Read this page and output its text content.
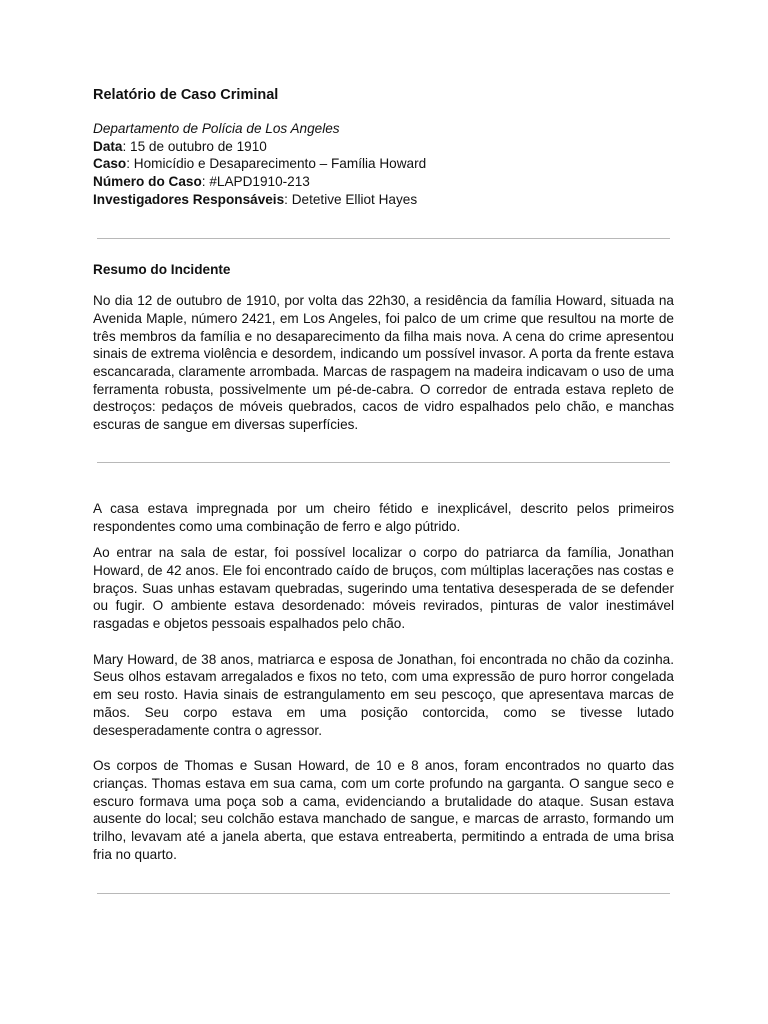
Relatório de Caso Criminal

Departamento de Polícia de Los Angeles

Data: 15 de outubro de 1910

Caso: Homicídio e Desaparecimento – Família Howard

Número do Caso: #LAPD1910-213

Investigadores Responsáveis: Detetive Elliot Hayes

Resumo do Incidente

No dia 12 de outubro de 1910, por volta das 22h30, a residência da família Howard, situada na Avenida Maple, número 2421, em Los Angeles, foi palco de um crime que resultou na morte de três membros da família e no desaparecimento da filha mais nova. A cena do crime apresentou sinais de extrema violência e desordem, indicando um possível invasor. A porta da frente estava escancarada, claramente arrombada. Marcas de raspagem na madeira indicavam o uso de uma ferramenta robusta, possivelmente um pé-de-cabra. O corredor de entrada estava repleto de destroços: pedaços de móveis quebrados, cacos de vidro espalhados pelo chão, e manchas escuras de sangue em diversas superfícies.

A casa estava impregnada por um cheiro fétido e inexplicável, descrito pelos primeiros respondentes como uma combinação de ferro e algo pútrido.

Ao entrar na sala de estar, foi possível localizar o corpo do patriarca da família, Jonathan Howard, de 42 anos. Ele foi encontrado caído de bruços, com múltiplas lacerações nas costas e braços. Suas unhas estavam quebradas, sugerindo uma tentativa desesperada de se defender ou fugir. O ambiente estava desordenado: móveis revirados, pinturas de valor inestimável rasgadas e objetos pessoais espalhados pelo chão.

Mary Howard, de 38 anos, matriarca e esposa de Jonathan, foi encontrada no chão da cozinha. Seus olhos estavam arregalados e fixos no teto, com uma expressão de puro horror congelada em seu rosto. Havia sinais de estrangulamento em seu pescoço, que apresentava marcas de mãos. Seu corpo estava em uma posição contorcida, como se tivesse lutado desesperadamente contra o agressor.

Os corpos de Thomas e Susan Howard, de 10 e 8 anos, foram encontrados no quarto das crianças. Thomas estava em sua cama, com um corte profundo na garganta. O sangue seco e escuro formava uma poça sob a cama, evidenciando a brutalidade do ataque. Susan estava ausente do local; seu colchão estava manchado de sangue, e marcas de arrasto, formando um trilho, levavam até a janela aberta, que estava entreaberta, permitindo a entrada de uma brisa fria no quarto.
